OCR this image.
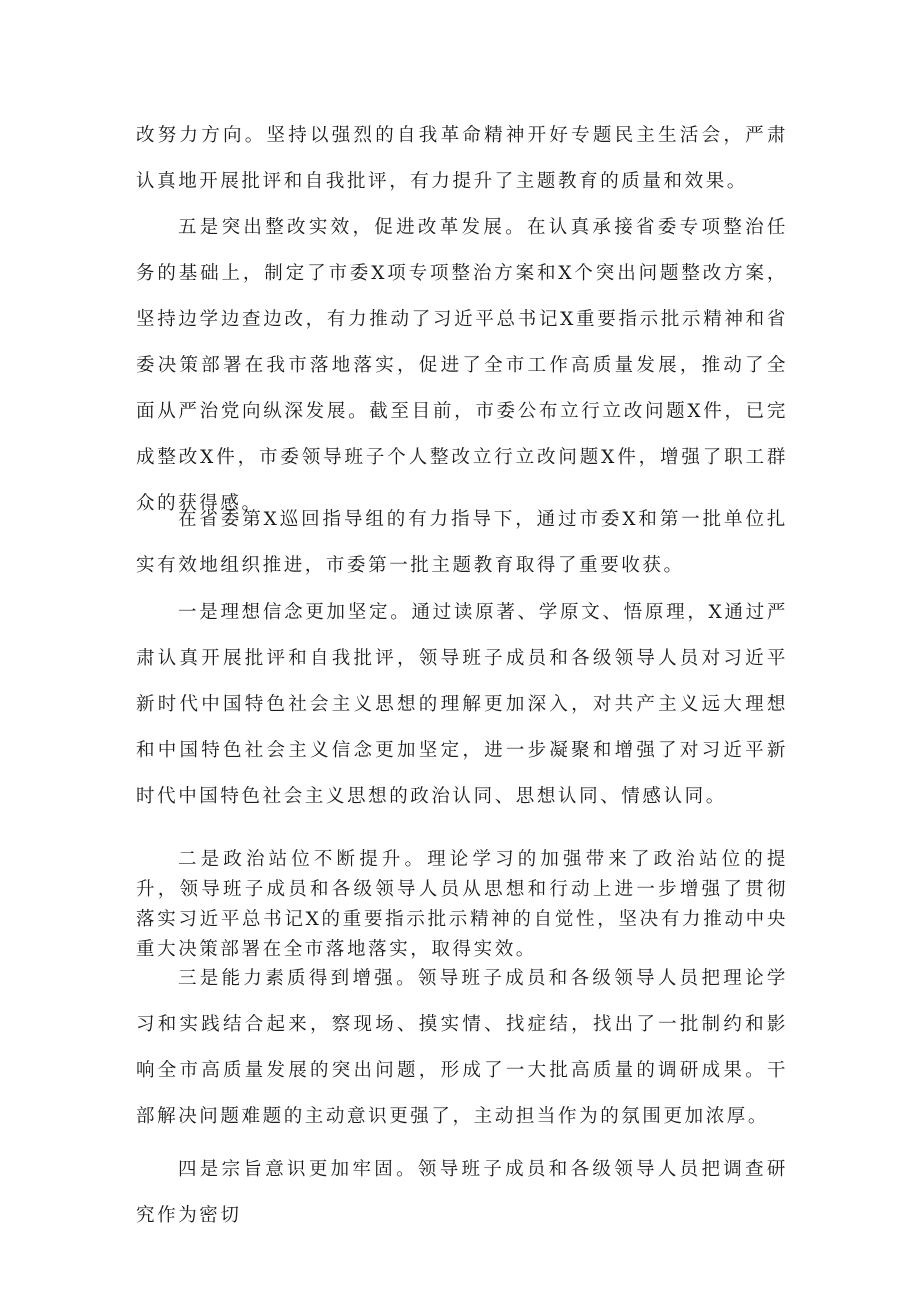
改努力方向。坚持以强烈的自我革命精神开好专题民主生活会，严肃认真地开展批评和自我批评，有力提升了主题教育的质量和效果。

五是突出整改实效，促进改革发展。在认真承接省委专项整治任务的基础上，制定了市委X项专项整治方案和X个突出问题整改方案，坚持边学边查边改，有力推动了习近平总书记X重要指示批示精神和省委决策部署在我市落地落实，促进了全市工作高质量发展，推动了全面从严治党向纵深发展。截至目前，市委公布立行立改问题X件，已完成整改X件，市委领导班子个人整改立行立改问题X件，增强了职工群众的获得感。

在省委第X巡回指导组的有力指导下，通过市委X和第一批单位扎实有效地组织推进，市委第一批主题教育取得了重要收获。

一是理想信念更加坚定。通过读原著、学原文、悟原理，X通过严肃认真开展批评和自我批评，领导班子成员和各级领导人员对习近平新时代中国特色社会主义思想的理解更加深入，对共产主义远大理想和中国特色社会主义信念更加坚定，进一步凝聚和增强了对习近平新时代中国特色社会主义思想的政治认同、思想认同、情感认同。

二是政治站位不断提升。理论学习的加强带来了政治站位的提升，领导班子成员和各级领导人员从思想和行动上进一步增强了贯彻落实习近平总书记X的重要指示批示精神的自觉性，坚决有力推动中央重大决策部署在全市落地落实，取得实效。

三是能力素质得到增强。领导班子成员和各级领导人员把理论学习和实践结合起来，察现场、摸实情、找症结，找出了一批制约和影响全市高质量发展的突出问题，形成了一大批高质量的调研成果。干部解决问题难题的主动意识更强了，主动担当作为的氛围更加浓厚。

四是宗旨意识更加牢固。领导班子成员和各级领导人员把调查研究作为密切
